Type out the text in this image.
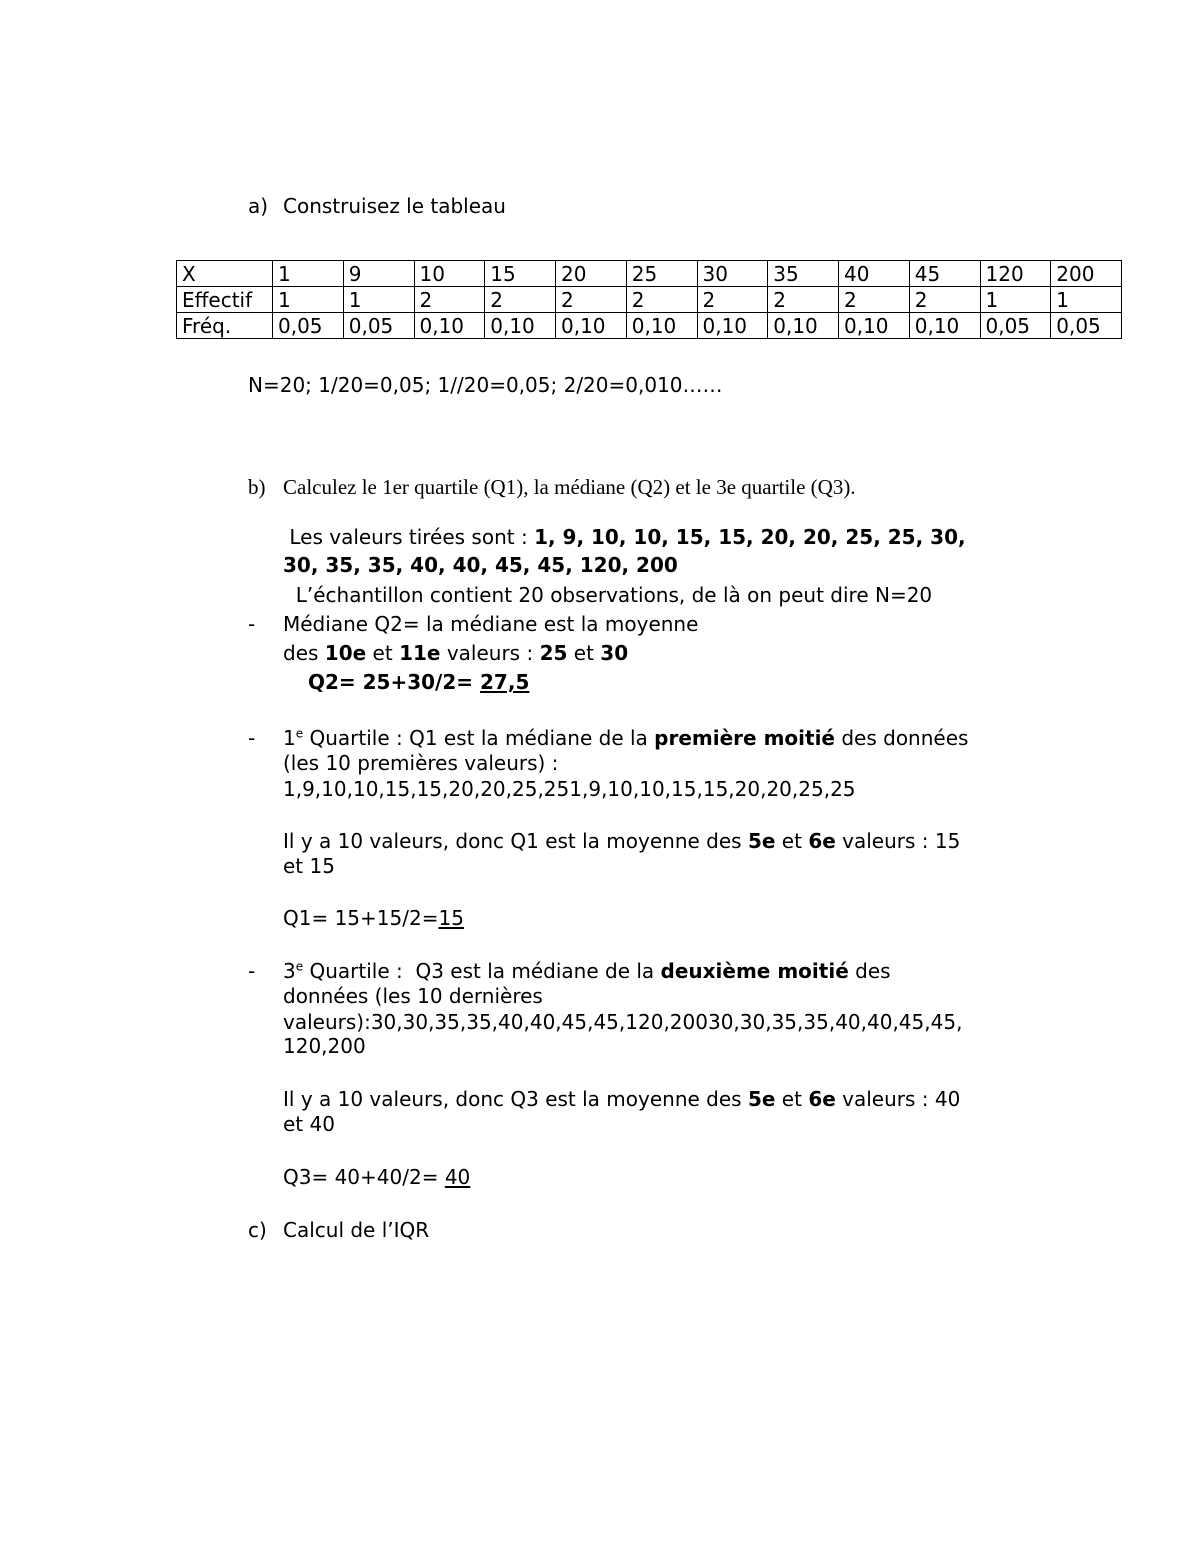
a) Construisez le tableau
X	1	9	10	15	20	25	30	35	40	45	120	200
Effectif	1	1	2	2	2	2	2	2	2	2	1	1
Fréq.	0,05	0,05	0,10	0,10	0,10	0,10	0,10	0,10	0,10	0,10	0,05	0,05
N=20; 1/20=0,05; 1//20=0,05; 2/20=0,010……
b) Calculez le 1er quartile (Q1), la médiane (Q2) et le 3e quartile (Q3).
Les valeurs tirées sont : 1, 9, 10, 10, 15, 15, 20, 20, 25, 25, 30,
30, 35, 35, 40, 40, 45, 45, 120, 200
L’échantillon contient 20 observations, de là on peut dire N=20
- Médiane Q2= la médiane est la moyenne
des 10e et 11e valeurs : 25 et 30
Q2= 25+30/2= 27,5
- 1e Quartile : Q1 est la médiane de la première moitié des données
(les 10 premières valeurs) :
1,9,10,10,15,15,20,20,25,251,9,10,10,15,15,20,20,25,25
Il y a 10 valeurs, donc Q1 est la moyenne des 5e et 6e valeurs : 15
et 15
Q1= 15+15/2=15
- 3e Quartile :  Q3 est la médiane de la deuxième moitié des
données (les 10 dernières
valeurs):30,30,35,35,40,40,45,45,120,20030,30,35,35,40,40,45,45,
120,200
Il y a 10 valeurs, donc Q3 est la moyenne des 5e et 6e valeurs : 40
et 40
Q3= 40+40/2= 40
c) Calcul de l’IQR
